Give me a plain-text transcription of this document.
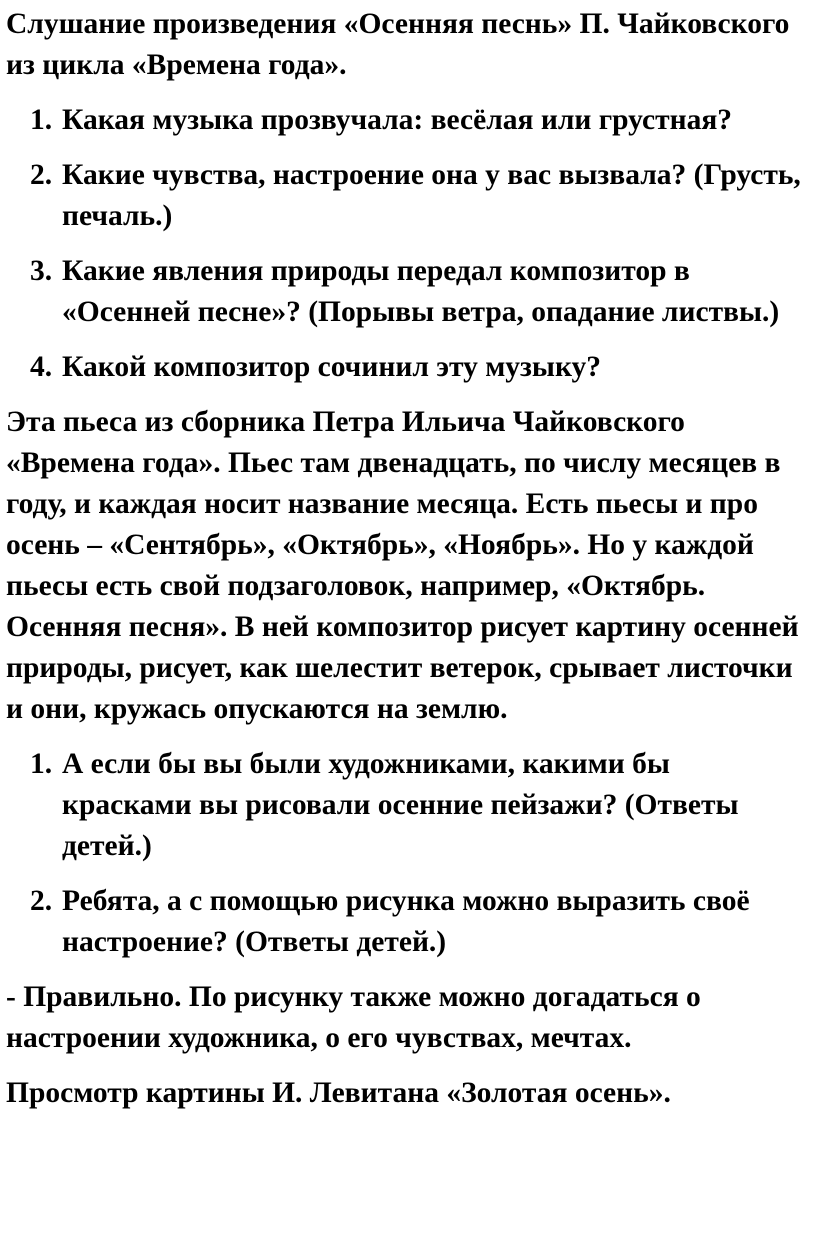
Слушание произведения «Осенняя песнь» П. Чайковского из цикла «Времена года».

1. Какая музыка прозвучала: весёлая или грустная?
2. Какие чувства, настроение она у вас вызвала? (Грусть, печаль.)
3. Какие явления природы передал композитор в «Осенней песне»? (Порывы ветра, опадание листвы.)
4. Какой композитор сочинил эту музыку?

Эта пьеса из сборника Петра Ильича Чайковского «Времена года». Пьес там двенадцать, по числу месяцев в году, и каждая носит название месяца. Есть пьесы и про осень – «Сентябрь», «Октябрь», «Ноябрь». Но у каждой пьесы есть свой подзаголовок, например, «Октябрь. Осенняя песня». В ней композитор рисует картину осенней природы, рисует, как шелестит ветерок, срывает листочки и они, кружась опускаются на землю.

1. А если бы вы были художниками, какими бы красками вы рисовали осенние пейзажи? (Ответы детей.)
2. Ребята, а с помощью рисунка можно выразить своё настроение? (Ответы детей.)

- Правильно. По рисунку также можно догадаться о настроении художника, о его чувствах, мечтах.

Просмотр картины И. Левитана «Золотая осень».
